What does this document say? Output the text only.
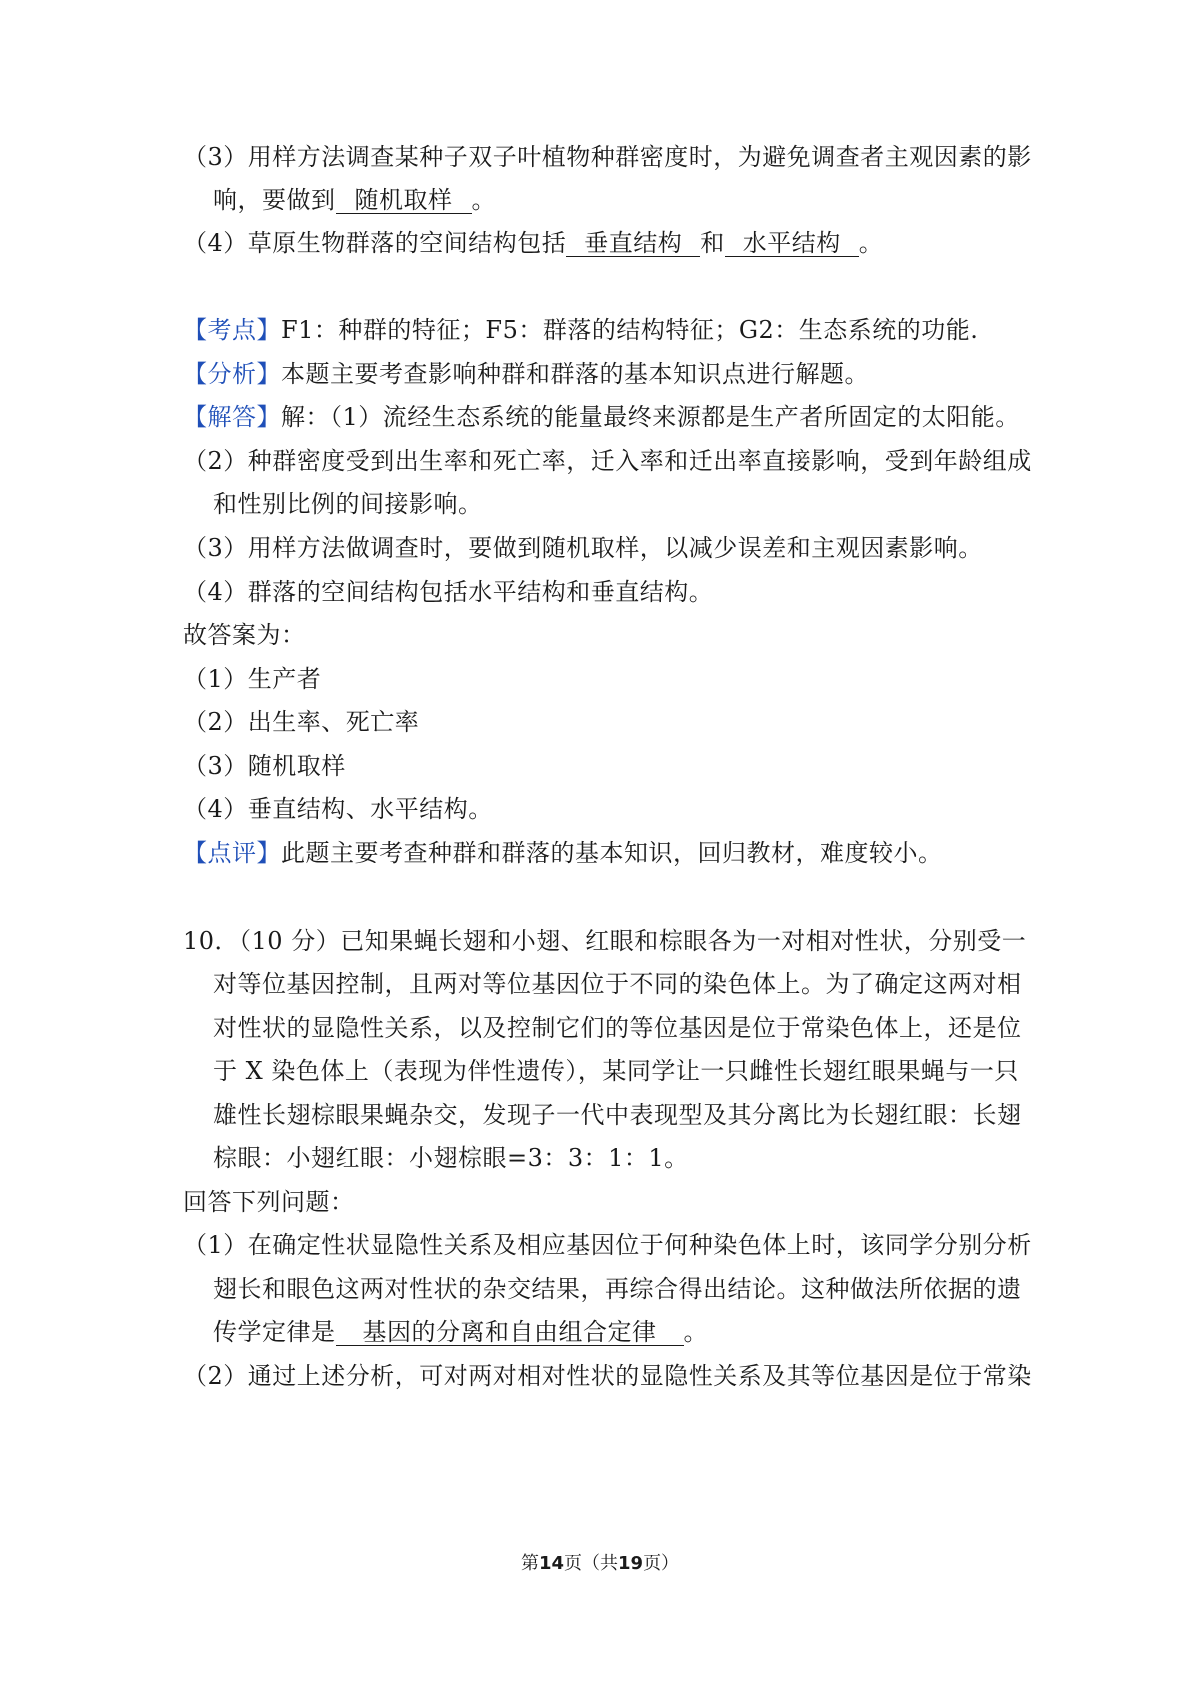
（3）用样方法调查某种子双子叶植物种群密度时，为避免调查者主观因素的影
响，要做到 随机取样 。
（4）草原生物群落的空间结构包括 垂直结构 和 水平结构 。
【考点】F1：种群的特征；F5：群落的结构特征；G2：生态系统的功能.
【分析】本题主要考查影响种群和群落的基本知识点进行解题。
【解答】解：（1）流经生态系统的能量最终来源都是生产者所固定的太阳能。
（2）种群密度受到出生率和死亡率，迁入率和迁出率直接影响，受到年龄组成
和性别比例的间接影响。
（3）用样方法做调查时，要做到随机取样，以减少误差和主观因素影响。
（4）群落的空间结构包括水平结构和垂直结构。
故答案为：
（1）生产者
（2）出生率、死亡率
（3）随机取样
（4）垂直结构、水平结构。
【点评】此题主要考查种群和群落的基本知识，回归教材，难度较小。
10．（10 分）已知果蝇长翅和小翅、红眼和棕眼各为一对相对性状，分别受一
对等位基因控制，且两对等位基因位于不同的染色体上。为了确定这两对相
对性状的显隐性关系，以及控制它们的等位基因是位于常染色体上，还是位
于 X 染色体上（表现为伴性遗传），某同学让一只雌性长翅红眼果蝇与一只
雄性长翅棕眼果蝇杂交，发现子一代中表现型及其分离比为长翅红眼：长翅
棕眼：小翅红眼：小翅棕眼=3：3：1：1。
回答下列问题：
（1）在确定性状显隐性关系及相应基因位于何种染色体上时，该同学分别分析
翅长和眼色这两对性状的杂交结果，再综合得出结论。这种做法所依据的遗
传学定律是 基因的分离和自由组合定律 。
（2）通过上述分析，可对两对相对性状的显隐性关系及其等位基因是位于常染
第14页（共19页）
